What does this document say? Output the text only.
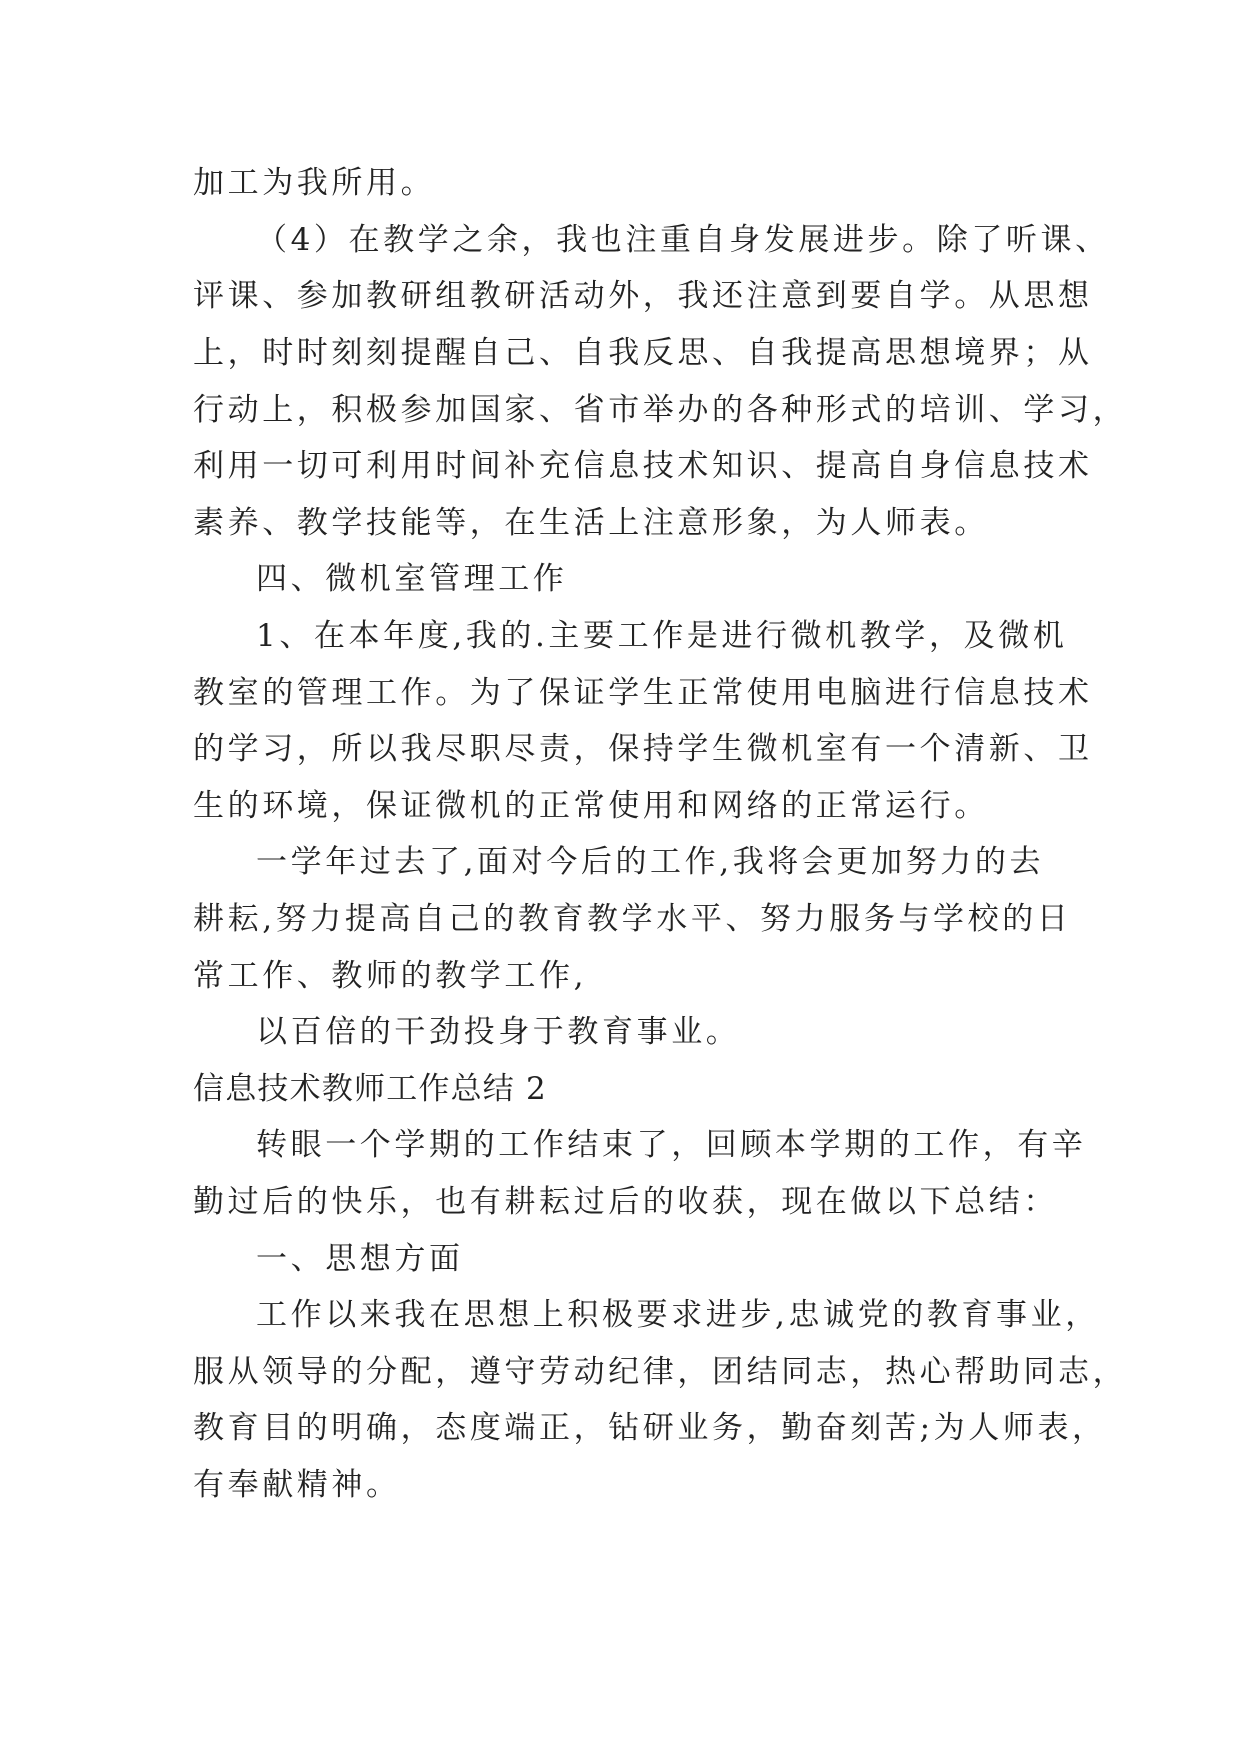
加工为我所用。
（4）在教学之余，我也注重自身发展进步。除了听课、
评课、参加教研组教研活动外，我还注意到要自学。从思想
上，时时刻刻提醒自己、自我反思、自我提高思想境界；从
行动上，积极参加国家、省市举办的各种形式的培训、学习，
利用一切可利用时间补充信息技术知识、提高自身信息技术
素养、教学技能等，在生活上注意形象，为人师表。
四、微机室管理工作
1、在本年度,我的.主要工作是进行微机教学，及微机
教室的管理工作。为了保证学生正常使用电脑进行信息技术
的学习，所以我尽职尽责，保持学生微机室有一个清新、卫
生的环境，保证微机的正常使用和网络的正常运行。
一学年过去了,面对今后的工作,我将会更加努力的去
耕耘,努力提高自己的教育教学水平、努力服务与学校的日
常工作、教师的教学工作,
以百倍的干劲投身于教育事业。
信息技术教师工作总结 2
转眼一个学期的工作结束了，回顾本学期的工作，有辛
勤过后的快乐，也有耕耘过后的收获，现在做以下总结：
一、思想方面
工作以来我在思想上积极要求进步,忠诚党的教育事业，
服从领导的分配，遵守劳动纪律，团结同志，热心帮助同志，
教育目的明确，态度端正，钻研业务，勤奋刻苦;为人师表，
有奉献精神。
